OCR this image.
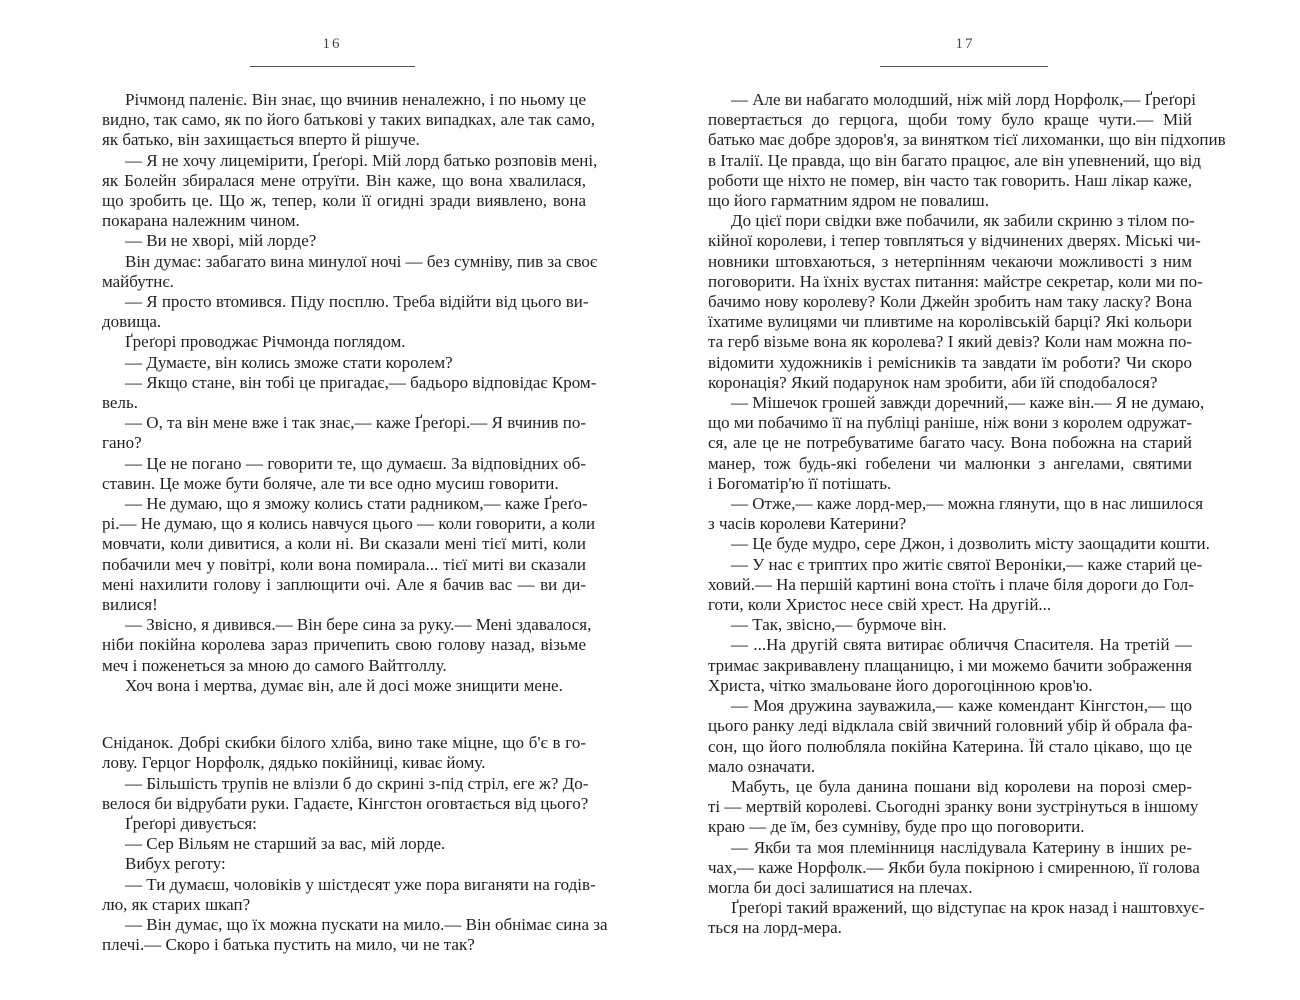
16
Річмонд паленіє. Він знає, що вчинив неналежно, і по ньому це
видно, так само, як по його батькові у таких випадках, але так само,
як батько, він захищається вперто й рішуче.
— Я не хочу лицемірити, Ґреґорі. Мій лорд батько розповів мені,
як Болейн збиралася мене отруїти. Він каже, що вона хвалилася,
що зробить це. Що ж, тепер, коли її огидні зради виявлено, вона
покарана належним чином.
— Ви не хворі, мій лорде?
Він думає: забагато вина минулої ночі — без сумніву, пив за своє
майбутнє.
— Я просто втомився. Піду посплю. Треба відійти від цього ви-
довища.
Ґреґорі проводжає Річмонда поглядом.
— Думаєте, він колись зможе стати королем?
— Якщо стане, він тобі це пригадає,— бадьоро відповідає Кром-
вель.
— О, та він мене вже і так знає,— каже Ґреґорі.— Я вчинив по-
гано?
— Це не погано — говорити те, що думаєш. За відповідних об-
ставин. Це може бути боляче, але ти все одно мусиш говорити.
— Не думаю, що я зможу колись стати радником,— каже Ґреґо-
рі.— Не думаю, що я колись навчуся цього — коли говорити, а коли
мовчати, коли дивитися, а коли ні. Ви сказали мені тієї миті, коли
побачили меч у повітрі, коли вона помирала... тієї миті ви сказали
мені нахилити голову і заплющити очі. Але я бачив вас — ви ди-
вилися!
— Звісно, я дивився.— Він бере сина за руку.— Мені здавалося,
ніби покійна королева зараз причепить свою голову назад, візьме
меч і поженеться за мною до самого Вайтголлу.
Хоч вона і мертва, думає він, але й досі може знищити мене.
Сніданок. Добрі скибки білого хліба, вино таке міцне, що б'є в го-
лову. Герцог Норфолк, дядько покійниці, киває йому.
— Більшість трупів не влізли б до скрині з-під стріл, еге ж? До-
велося би відрубати руки. Гадаєте, Кінгстон оговтається від цього?
Ґреґорі дивується:
— Сер Вільям не старший за вас, мій лорде.
Вибух реготу:
— Ти думаєш, чоловіків у шістдесят уже пора виганяти на годів-
лю, як старих шкап?
— Він думає, що їх можна пускати на мило.— Він обнімає сина за
плечі.— Скоро і батька пустить на мило, чи не так?
17
— Але ви набагато молодший, ніж мій лорд Норфолк,— Ґреґорі
повертається до герцога, щоби тому було краще чути.— Мій
батько має добре здоров'я, за винятком тієї лихоманки, що він підхопив
в Італії. Це правда, що він багато працює, але він упевнений, що від
роботи ще ніхто не помер, він часто так говорить. Наш лікар каже,
що його гарматним ядром не повалиш.
До цієї пори свідки вже побачили, як забили скриню з тілом по-
кійної королеви, і тепер товпляться у відчинених дверях. Міські чи-
новники штовхаються, з нетерпінням чекаючи можливості з ним
поговорити. На їхніх вустах питання: майстре секретар, коли ми по-
бачимо нову королеву? Коли Джейн зробить нам таку ласку? Вона
їхатиме вулицями чи пливтиме на королівській барці? Які кольори
та герб візьме вона як королева? І який девіз? Коли нам можна по-
відомити художників і ремісників та завдати їм роботи? Чи скоро
коронація? Який подарунок нам зробити, аби їй сподобалося?
— Мішечок грошей завжди доречний,— каже він.— Я не думаю,
що ми побачимо її на публіці раніше, ніж вони з королем одружат-
ся, але це не потребуватиме багато часу. Вона побожна на старий
манер, тож будь-які гобелени чи малюнки з ангелами, святими
і Богоматір'ю її потішать.
— Отже,— каже лорд-мер,— можна глянути, що в нас лишилося
з часів королеви Катерини?
— Це буде мудро, сере Джон, і дозволить місту заощадити кошти.
— У нас є триптих про житіє святої Вероніки,— каже старий це-
ховий.— На першій картині вона стоїть і плаче біля дороги до Гол-
готи, коли Христос несе свій хрест. На другій...
— Так, звісно,— бурмоче він.
— ...На другій свята витирає обличчя Спасителя. На третій —
тримає закривавлену плащаницю, і ми можемо бачити зображення
Христа, чітко змальоване його дорогоцінною кров'ю.
— Моя дружина зауважила,— каже комендант Кінгстон,— що
цього ранку леді відклала свій звичний головний убір й обрала фа-
сон, що його полюбляла покійна Катерина. Їй стало цікаво, що це
мало означати.
Мабуть, це була данина пошани від королеви на порозі смер-
ті — мертвій королеві. Сьогодні зранку вони зустрінуться в іншому
краю — де їм, без сумніву, буде про що поговорити.
— Якби та моя племінниця наслідувала Катерину в інших ре-
чах,— каже Норфолк.— Якби була покірною і смиренною, її голова
могла би досі залишатися на плечах.
Ґреґорі такий вражений, що відступає на крок назад і наштовхує-
ться на лорд-мера.
